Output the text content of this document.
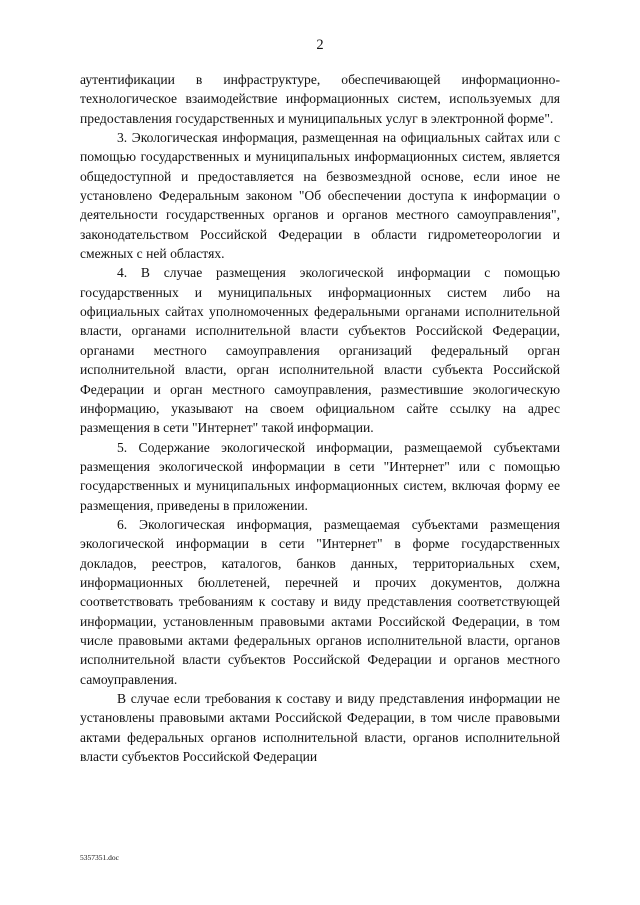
2

аутентификации в инфраструктуре, обеспечивающей информационно-технологическое взаимодействие информационных систем, используемых для предоставления государственных и муниципальных услуг в электронной форме".

3. Экологическая информация, размещенная на официальных сайтах или с помощью государственных и муниципальных информационных систем, является общедоступной и предоставляется на безвозмездной основе, если иное не установлено Федеральным законом "Об обеспечении доступа к информации о деятельности государственных органов и органов местного самоуправления", законодательством Российской Федерации в области гидрометеорологии и смежных с ней областях.

4. В случае размещения экологической информации с помощью государственных и муниципальных информационных систем либо на официальных сайтах уполномоченных федеральными органами исполнительной власти, органами исполнительной власти субъектов Российской Федерации, органами местного самоуправления организаций федеральный орган исполнительной власти, орган исполнительной власти субъекта Российской Федерации и орган местного самоуправления, разместившие экологическую информацию, указывают на своем официальном сайте ссылку на адрес размещения в сети "Интернет" такой информации.

5. Содержание экологической информации, размещаемой субъектами размещения экологической информации в сети "Интернет" или с помощью государственных и муниципальных информационных систем, включая форму ее размещения, приведены в приложении.

6. Экологическая информация, размещаемая субъектами размещения экологической информации в сети "Интернет" в форме государственных докладов, реестров, каталогов, банков данных, территориальных схем, информационных бюллетеней, перечней и прочих документов, должна соответствовать требованиям к составу и виду представления соответствующей информации, установленным правовыми актами Российской Федерации, в том числе правовыми актами федеральных органов исполнительной власти, органов исполнительной власти субъектов Российской Федерации и органов местного самоуправления.

В случае если требования к составу и виду представления информации не установлены правовыми актами Российской Федерации, в том числе правовыми актами федеральных органов исполнительной власти, органов исполнительной власти субъектов Российской Федерации

5357351.doc
